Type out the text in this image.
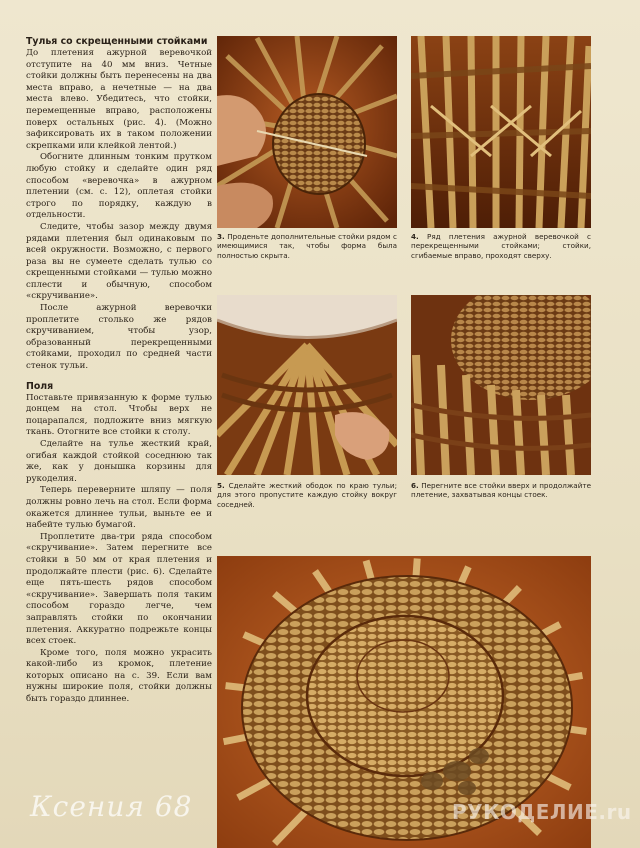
Тулья со скрещенными стойками

До плетения ажурной веревочкой отступите на 40 мм вниз. Четные стойки должны быть перенесены на два места вправо, а нечетные — на два места влево. Убедитесь, что стойки, перемещенные вправо, расположены поверх остальных (рис. 4). (Можно зафиксировать их в таком положении скрепками или клейкой лентой.)

Обогните длинным тонким прутком любую стойку и сделайте один ряд способом «веревочка» в ажурном плетении (см. с. 12), оплетая стойки строго по порядку, каждую в отдельности.

Следите, чтобы зазор между двумя рядами плетения был одинаковым по всей окружности. Возможно, с первого раза вы не сумеете сделать тулью со скрещенными стойками — тулью можно сплести и обычную, способом «скручивание».

После ажурной веревочки проплетите столько же рядов скручиванием, чтобы узор, образованный перекрещенными стойками, проходил по средней части стенок тульи.

Поля

Поставьте привязанную к форме тулью донцем на стол. Чтобы верх не поцарапался, подложите вниз мягкую ткань. Отогните все стойки к столу.

Сделайте на тулье жесткий край, огибая каждой стойкой соседнюю так же, как у донышка корзины для рукоделия.

Теперь переверните шляпу — поля должны ровно лечь на стол. Если форма окажется длиннее тульи, выньте ее и набейте тулью бумагой.

Проплетите два-три ряда способом «скручивание». Затем перегните все стойки в 50 мм от края плетения и продолжайте плести (рис. 6). Сделайте еще пять-шесть рядов способом «скручивание». Завершать поля таким способом гораздо легче, чем заправлять стойки по окончании плетения. Аккуратно подрежьте концы всех стоек.

Кроме того, поля можно украсить какой-либо из кромок, плетение которых описано на с. 39. Если вам нужны широкие поля, стойки должны быть гораздо длиннее.

3. Проденьте дополнительные стойки рядом с имеющимися так, чтобы форма была полностью скрыта.
4. Ряд плетения ажурной веревочкой с перекрещенными стойками; стойки, сгибаемые вправо, проходят сверху.
5. Сделайте жесткий ободок по краю тульи; для этого пропустите каждую стойку вокруг соседней.
6. Перегните все стойки вверх и продолжайте плетение, захватывая концы стоек.
Ксения 68	РУКОДЕЛИЕ.ru
